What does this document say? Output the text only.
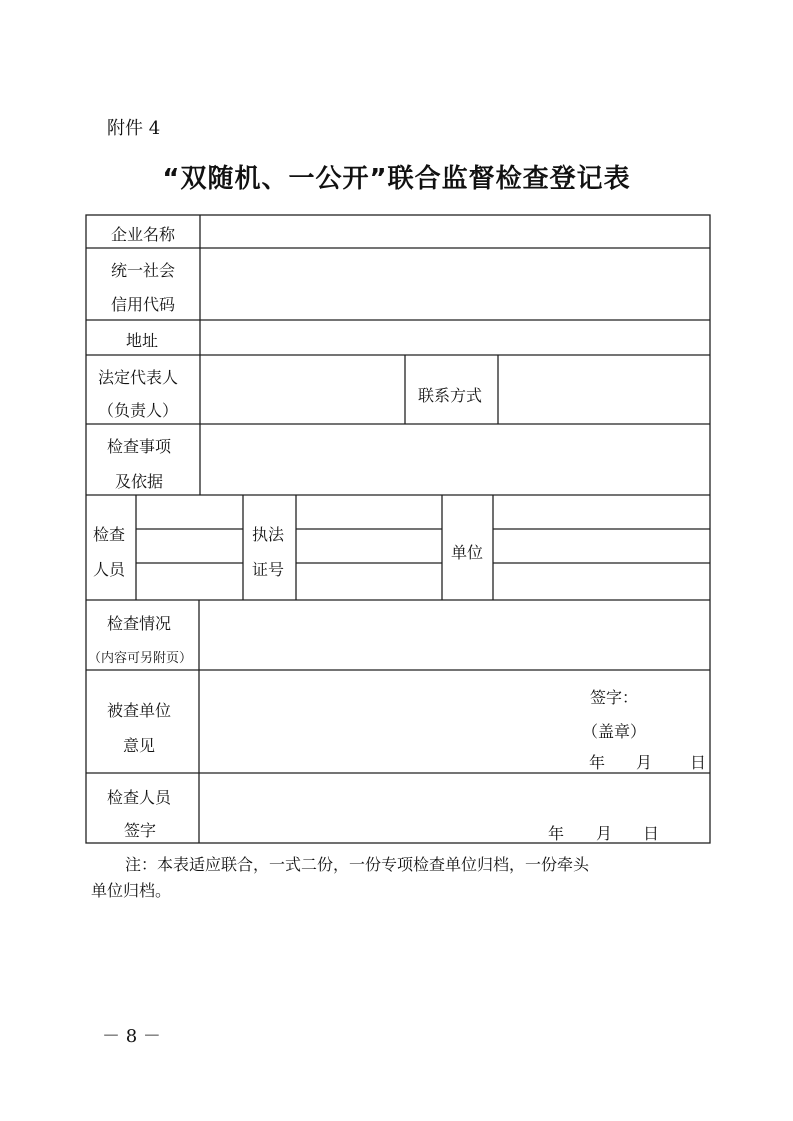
附件 4
“双随机、一公开”联合监督检查登记表
企业名称
统一社会
信用代码
地址
法定代表人
（负责人）
联系方式
检查事项
及依据
检查
人员
执法
证号
单位
检查情况
（内容可另附页）
被查单位
意见
签字：
（盖章）
年 月 日
检查人员
签字	年 月 日
注：本表适应联合，一式二份，一份专项检查单位归档，一份牵头
单位归档。
－ 8 －
